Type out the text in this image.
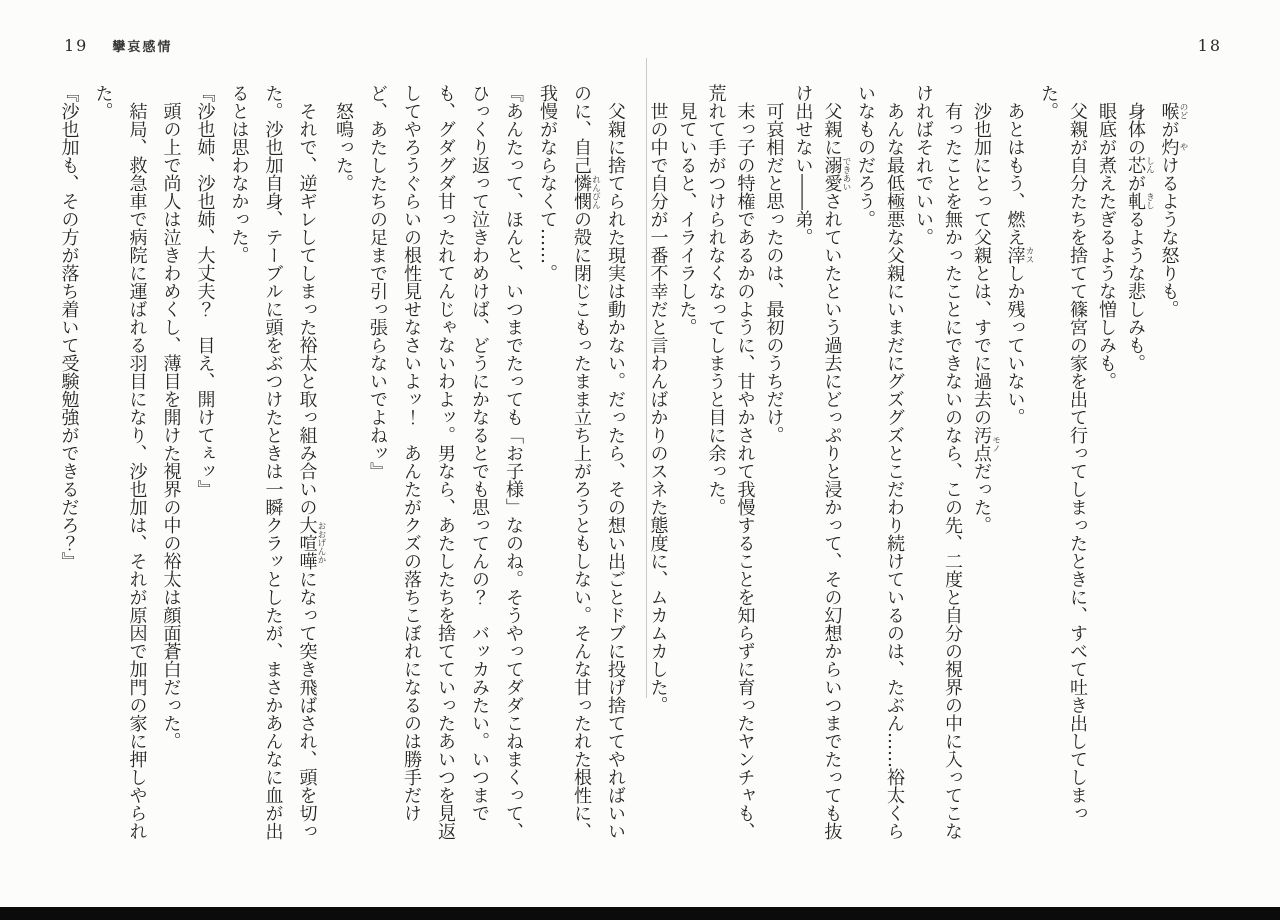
18

喉のどが灼やけるような怒りも。

身体の芯しんが軋きしるような悲しみも。

眼底が煮えたぎるような憎しみも。

父親が自分たちを捨てて篠宮の家を出て行ってしまったときに、すべて吐き出してしまった。

あとはもう、燃え滓カスしか残っていない。

沙也加にとって父親とは、すでに過去の汚点モノだった。

有ったことを無かったことにできないのなら、この先、二度と自分の視界の中に入ってこなければそれでいい。

あんな最低極悪な父親にいまだにグズグズとこだわり続けているのは、たぶん……裕太くらいなものだろう。

父親に溺愛できあいされていたという過去にどっぷりと浸かって、その幻想からいつまでたっても抜け出せない――弟。

可哀相だと思ったのは、最初のうちだけ。

末っ子の特権であるかのように、甘やかされて我慢することを知らずに育ったヤンチャも、荒れて手がつけられなくなってしまうと目に余った。

見ていると、イライラした。

世の中で自分が一番不幸だと言わんばかりのスネた態度に、ムカムカした。

19 攣哀感情

父親に捨てられた現実は動かない。だったら、その想い出ごとドブに投げ捨ててやればいいのに、自己憐憫れんびんの殻に閉じこもったまま立ち上がろうともしない。そんな甘ったれた根性に、我慢がならなくて……。

『あんたって、ほんと、いつまでたっても「お子様」なのね。そうやってダダこねまくって、ひっくり返って泣きわめけば、どうにかなるとでも思ってんの？　バッカみたい。いつまでも、グダグダ甘ったれてんじゃないわよッ。男なら、あたしたちを捨てていったあいつを見返してやろうぐらいの根性見せなさいよッ！　あんたがクズの落ちこぼれになるのは勝手だけど、あたしたちの足まで引っ張らないでよねッ』

怒鳴った。

それで、逆ギレしてしまった裕太と取っ組み合いの大喧嘩おおげんかになって突き飛ばされ、頭を切った。沙也加自身、テーブルに頭をぶつけたときは一瞬クラッとしたが、まさかあんなに血が出るとは思わなかった。

『沙也姉、沙也姉、大丈夫？　目え、開けてぇッ』

頭の上で尚人は泣きわめくし、薄目を開けた視界の中の裕太は顔面蒼白だった。

結局、救急車で病院に運ばれる羽目になり、沙也加は、それが原因で加門の家に押しやられた。

『沙也加も、その方が落ち着いて受験勉強ができるだろ？』
